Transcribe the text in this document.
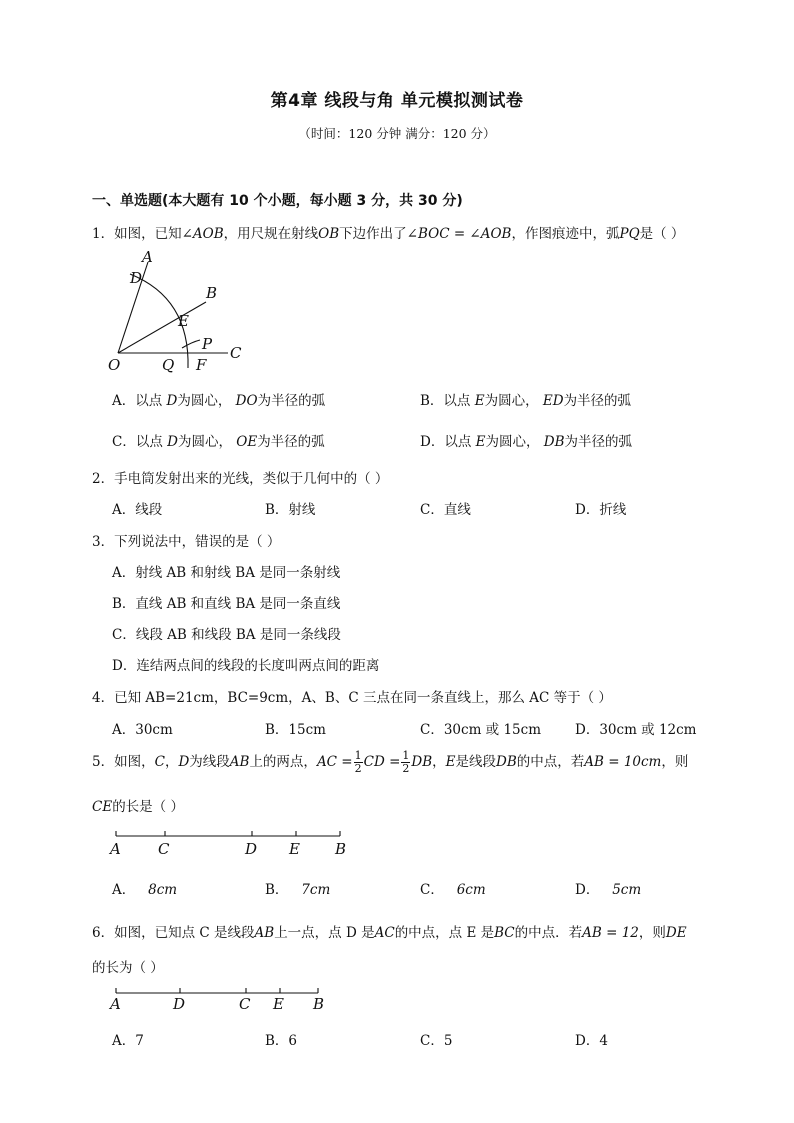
第4章 线段与角 单元模拟测试卷
（时间：120 分钟 满分：120 分）
一、单选题(本大题有 10 个小题，每小题 3 分，共 30 分)
1．如图，已知∠AOB，用尺规在射线OB下边作出了∠BOC = ∠AOB，作图痕迹中，弧PQ是（ ）
A
D
B
E
P C
O	Q F
A．以点 D为圆心， DO为半径的弧	B．以点 E为圆心， ED为半径的弧
C．以点 D为圆心， OE为半径的弧	D．以点 E为圆心， DB为半径的弧
2．手电筒发射出来的光线，类似于几何中的（ ）
A．线段	B．射线	C．直线	D．折线
3．下列说法中，错误的是（ ）
A．射线 AB 和射线 BA 是同一条射线
B．直线 AB 和直线 BA 是同一条直线
C．线段 AB 和线段 BA 是同一条线段
D．连结两点间的线段的长度叫两点间的距离
4．已知 AB=21cm，BC=9cm，A、B、C 三点在同一条直线上，那么 AC 等于（ ）
A．30cm	B．15cm	C．30cm 或 15cm	D．30cm 或 12cm
5．如图，C，D为线段AB上的两点，AC = $\frac{1}{2}$ CD = $\frac{1}{2}$ DB，E是线段DB的中点，若AB = 10cm，则
CE的长是（ ）
A C	D E B
A． 8cm	B． 7cm	C． 6cm	D． 5cm
6．如图，已知点 C 是线段AB上一点，点 D 是AC的中点，点 E 是BC的中点．若AB = 12，则DE
的长为（ ）
A	D	C E B
A．7	B．6	C．5	D．4
